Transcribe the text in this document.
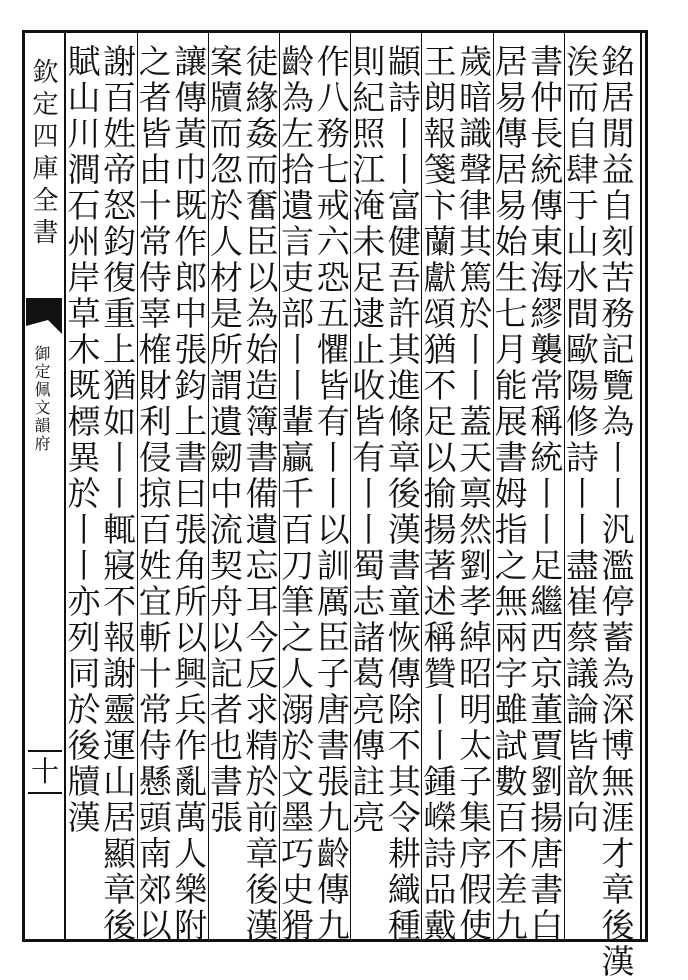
欽定四庫全書
御定佩文韻府
十	銘居閒益自刻苦務記覽為丨丨汎濫停蓄為深博無涯才章後漢
涘而自肆于山水間歐陽修詩丨丨盡崔蔡議論皆歆向
書仲長統傳東海繆襲常稱統丨丨足繼西京董賈劉揚唐書白
居易傳居易始生七月能展書姆指之無兩字雖試數百不差九
歲暗識聲律其篤於丨丨蓋天禀然劉孝綽昭明太子集序假使
王朗報箋卞蘭獻頌猶不足以揄揚著述稱贊丨丨鍾嶸詩品戴
顓詩丨丨富健吾許其進條章後漢書童恢傳除不其令耕織種
則紀照江淹未足逮止收皆有丨丨蜀志諸葛亮傳註亮
作八務七戒六恐五懼皆有丨丨以訓厲臣子唐書張九齡傳九
齡為左拾遺言吏部丨丨輩贏千百刀筆之人溺於文墨巧史猾
徒緣姦而奮臣以為始造簿書備遺忘耳今反求精於前章後漢
案牘而忽於人材是所謂遺劒中流契舟以記者也書張
讓傳黃巾既作郎中張鈞上書曰張角所以興兵作亂萬人樂附
之者皆由十常侍辜榷財利侵掠百姓宜斬十常侍懸頭南郊以
謝百姓帝怒鈞復重上猶如丨丨輒寢不報謝靈運山居顯章後
賦山川澗石州岸草木既標異於丨丨亦列同於後牘漢
